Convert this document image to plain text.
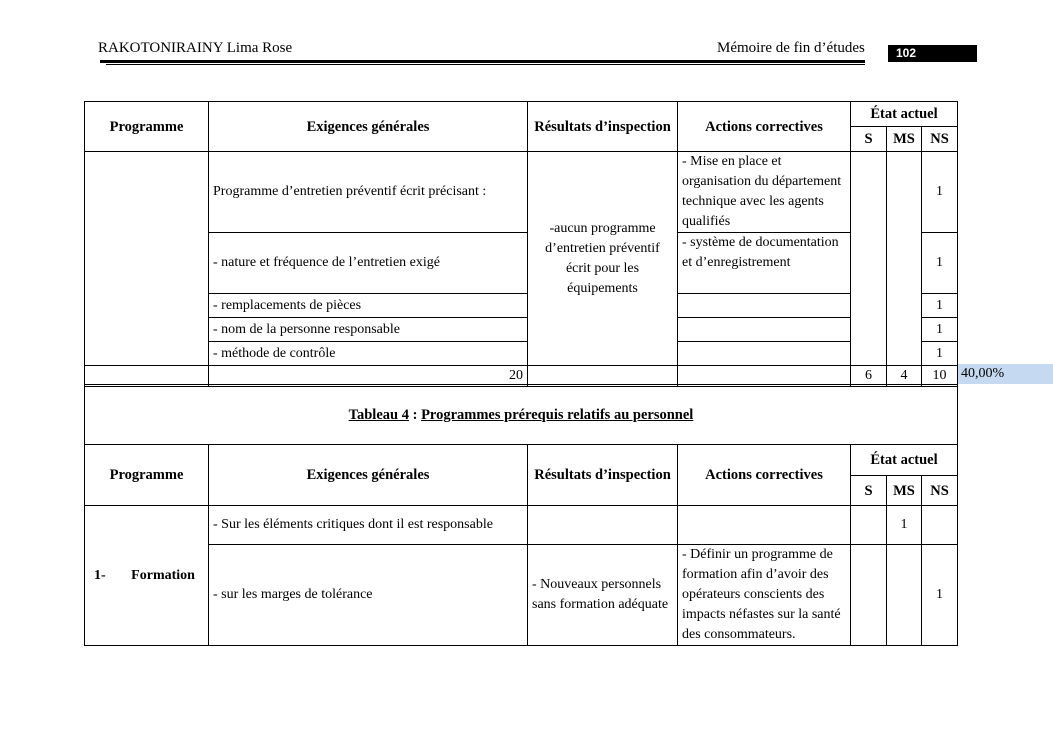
RAKOTONIRAINY Lima Rose	Mémoire de fin d’études	102
Programme	Exigences générales	Résultats d’inspection	Actions correctives	État actuel		
				S	MS	NS
	Programme d’entretien préventif écrit précisant :	-aucun programme d’entretien préventif écrit pour les équipements	- Mise en place et organisation du département technique avec les agents qualifiés			1
	- nature et fréquence de l’entretien exigé		- système de documentation et d’enregistrement			1
	- remplacements de pièces					1
	- nom de la personne responsable					1
	- méthode de contrôle					1
	20			6	4	10 40,00%
Tableau 4 : Programmes prérequis relatifs au personnel						
Programme	Exigences générales	Résultats d’inspection	Actions correctives	État actuel		
				S	MS	NS
1- Formation	- Sur les éléments critiques dont il est responsable				1	
	- sur les marges de tolérance	- Nouveaux personnels sans formation adéquate	- Définir un programme de formation afin d’avoir des opérateurs conscients des impacts néfastes sur la santé des consommateurs.			1
